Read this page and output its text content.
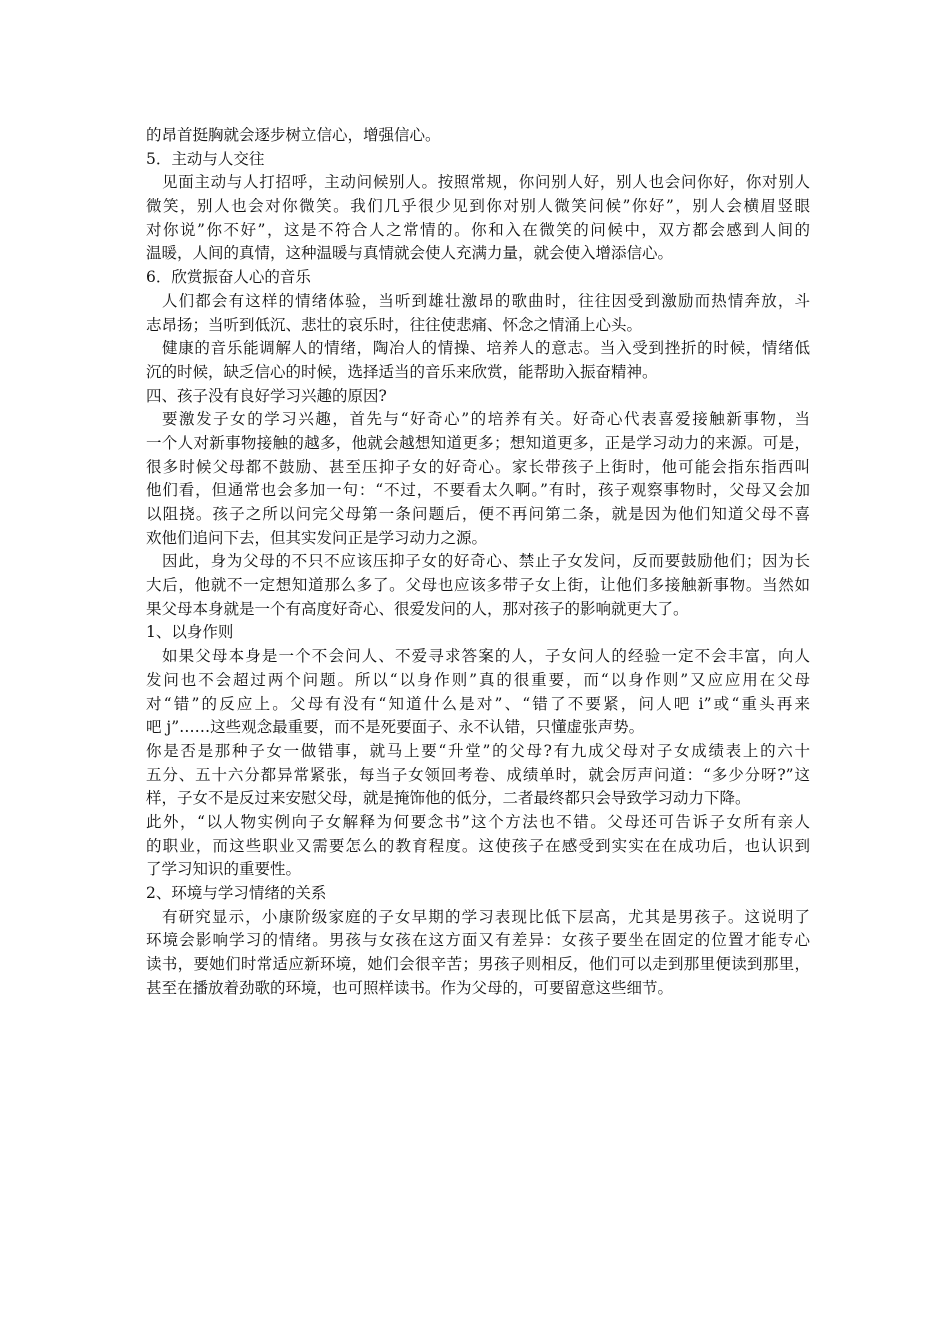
的昂首挺胸就会逐步树立信心，增强信心。
5．主动与人交往
见面主动与人打招呼，主动问候别人。按照常规，你问别人好，别人也会问你好，你对别人
微笑，别人也会对你微笑。我们几乎很少见到你对别人微笑问候”你好”，别人会横眉竖眼
对你说”你不好”，这是不符合人之常情的。你和入在微笑的问候中，双方都会感到人间的
温暖，人间的真情，这种温暖与真情就会使人充满力量，就会使入增添信心。
6．欣赏振奋人心的音乐
人们都会有这样的情绪体验，当听到雄壮激昂的歌曲时，往往因受到激励而热情奔放，斗
志昂扬；当听到低沉、悲壮的哀乐时，往往使悲痛、怀念之情涌上心头。
健康的音乐能调解人的情绪，陶冶人的情操、培养人的意志。当入受到挫折的时候，情绪低
沉的时候，缺乏信心的时候，选择适当的音乐来欣赏，能帮助入振奋精神。
四、孩子没有良好学习兴趣的原因?
要激发子女的学习兴趣，首先与“好奇心”的培养有关。好奇心代表喜爱接触新事物，当
一个人对新事物接触的越多，他就会越想知道更多；想知道更多，正是学习动力的来源。可是，
很多时候父母都不鼓励、甚至压抑子女的好奇心。家长带孩子上街时，他可能会指东指西叫
他们看，但通常也会多加一句：“不过，不要看太久啊。”有时，孩子观察事物时，父母又会加
以阻挠。孩子之所以问完父母第一条问题后，便不再问第二条，就是因为他们知道父母不喜
欢他们追问下去，但其实发问正是学习动力之源。
因此，身为父母的不只不应该压抑子女的好奇心、禁止子女发问，反而要鼓励他们；因为长
大后，他就不一定想知道那么多了。父母也应该多带子女上街，让他们多接触新事物。当然如
果父母本身就是一个有高度好奇心、很爱发问的人，那对孩子的影响就更大了。
1、以身作则
如果父母本身是一个不会问人、不爱寻求答案的人，子女问人的经验一定不会丰富，向人
发问也不会超过两个问题。所以“以身作则”真的很重要，而“以身作则”又应应用在父母
对“错”的反应上。父母有没有“知道什么是对”、“错了不要紧，问人吧 i”或“重头再来
吧 j”……这些观念最重要，而不是死要面子、永不认错，只懂虚张声势。
你是否是那种子女一做错事，就马上要“升堂”的父母?有九成父母对子女成绩表上的六十
五分、五十六分都异常紧张，每当子女领回考卷、成绩单时，就会厉声问道：“多少分呀?”这
样，子女不是反过来安慰父母，就是掩饰他的低分，二者最终都只会导致学习动力下降。
此外，“以人物实例向子女解释为何要念书”这个方法也不错。父母还可告诉子女所有亲人
的职业，而这些职业又需要怎么的教育程度。这使孩子在感受到实实在在成功后，也认识到
了学习知识的重要性。
2、环境与学习情绪的关系
有研究显示，小康阶级家庭的子女早期的学习表现比低下层高，尤其是男孩子。这说明了
环境会影响学习的情绪。男孩与女孩在这方面又有差异：女孩子要坐在固定的位置才能专心
读书，要她们时常适应新环境，她们会很辛苦；男孩子则相反，他们可以走到那里便读到那里，
甚至在播放着劲歌的环境，也可照样读书。作为父母的，可要留意这些细节。
